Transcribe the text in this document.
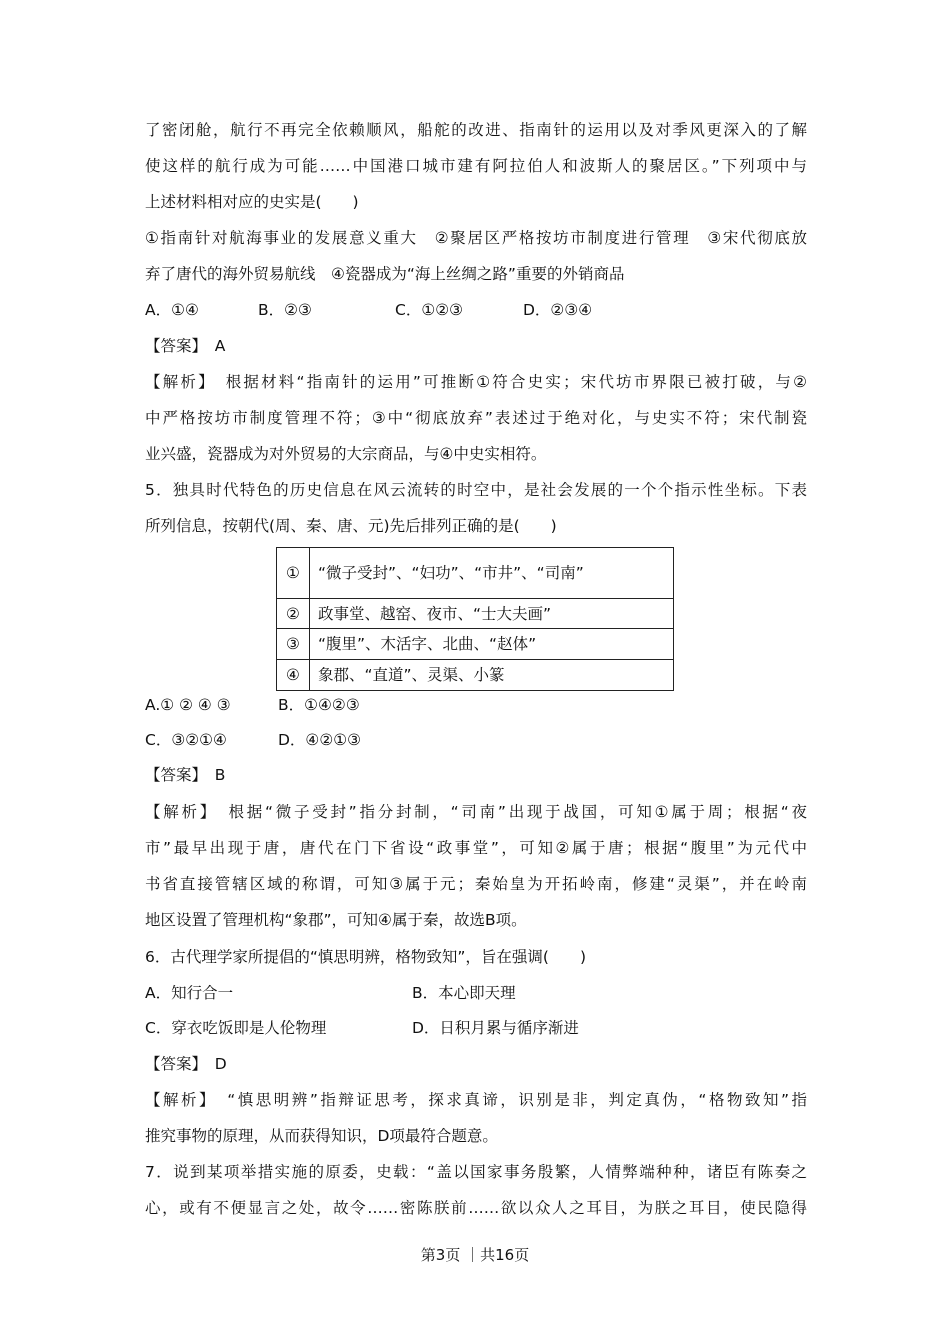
了密闭舱，航行不再完全依赖顺风，船舵的改进、指南针的运用以及对季风更深入的了解
使这样的航行成为可能……中国港口城市建有阿拉伯人和波斯人的聚居区。”下列项中与
上述材料相对应的史实是(　　)
①指南针对航海事业的发展意义重大　②聚居区严格按坊市制度进行管理　③宋代彻底放
弃了唐代的海外贸易航线　④瓷器成为“海上丝绸之路”重要的外销商品
A．①④	B．②③	C．①②③	D．②③④
【答案】　A
【解析】　根据材料“指南针的运用”可推断①符合史实；宋代坊市界限已被打破，与②
中严格按坊市制度管理不符；③中“彻底放弃”表述过于绝对化，与史实不符；宋代制瓷
业兴盛，瓷器成为对外贸易的大宗商品，与④中史实相符。
5．独具时代特色的历史信息在风云流转的时空中，是社会发展的一个个指示性坐标。下表
所列信息，按朝代(周、秦、唐、元)先后排列正确的是(　　)
①	“微子受封”、“妇功”、“市井”、“司南”
②	政事堂、越窑、夜市、“士大夫画”
③	“腹里”、木活字、北曲、“赵体”
④	象郡、“直道”、灵渠、小篆
A.① ② ④ ③	B．①④②③
C．③②①④	D．④②①③
【答案】　B
【解析】　根据“微子受封”指分封制，“司南”出现于战国，可知①属于周；根据“夜
市”最早出现于唐，唐代在门下省设“政事堂”，可知②属于唐；根据“腹里”为元代中
书省直接管辖区域的称谓，可知③属于元；秦始皇为开拓岭南，修建“灵渠”，并在岭南
地区设置了管理机构“象郡”，可知④属于秦，故选B项。
6．古代理学家所提倡的“慎思明辨，格物致知”，旨在强调(　　)
A．知行合一	B．本心即天理
C．穿衣吃饭即是人伦物理	D．日积月累与循序渐进
【答案】　D
【解析】　“慎思明辨”指辩证思考，探求真谛，识别是非，判定真伪，“格物致知”指
推究事物的原理，从而获得知识，D项最符合题意。
7．说到某项举措实施的原委，史载：“盖以国家事务殷繁，人情弊端种种，诸臣有陈奏之
心，或有不便显言之处，故令……密陈朕前……欲以众人之耳目，为朕之耳目，使民隐得
第3页 ｜共16页
